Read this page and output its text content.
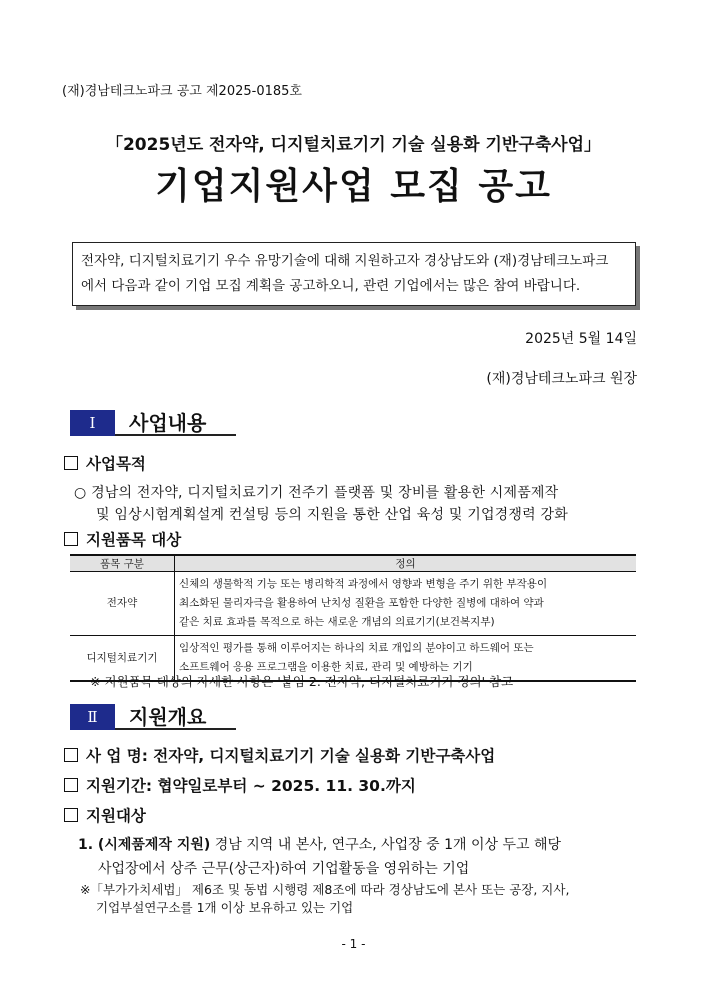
(재)경남테크노파크 공고 제2025-0185호
「2025년도 전자약, 디지털치료기기 기술 실용화 기반구축사업」
기업지원사업 모집 공고
전자약, 디지털치료기기 우수 유망기술에 대해 지원하고자 경상남도와 (재)경남테크노파크
에서 다음과 같이 기업 모집 계획을 공고하오니, 관련 기업에서는 많은 참여 바랍니다.
2025년 5월 14일
(재)경남테크노파크 원장
Ⅰ	사업내용
사업목적
○ 경남의 전자약, 디지털치료기기 전주기 플랫폼 및 장비를 활용한 시제품제작
및 임상시험계획설계 컨설팅 등의 지원을 통한 산업 육성 및 기업경쟁력 강화
지원품목 대상
품목 구분	정의
전자약	신체의 생물학적 기능 또는 병리학적 과정에서 영향과 변형을 주기 위한 부작용이
최소화된 물리자극을 활용하여 난치성 질환을 포함한 다양한 질병에 대하여 약과
같은 치료 효과를 목적으로 하는 새로운 개념의 의료기기(보건복지부)

디지털치료기기	임상적인 평가를 통해 이루어지는 하나의 치료 개입의 분야이고 하드웨어 또는
소프트웨어 응용 프로그램을 이용한 치료, 관리 및 예방하는 기기
※ 지원품목 대상의 자세한 사항은 '붙임 2. 전자약, 디지털치료기기 정의' 참고
Ⅱ	지원개요
사 업 명: 전자약, 디지털치료기기 기술 실용화 기반구축사업
지원기간: 협약일로부터 ~ 2025. 11. 30.까지
지원대상
1. (시제품제작 지원) 경남 지역 내 본사, 연구소, 사업장 중 1개 이상 두고 해당
사업장에서 상주 근무(상근자)하여 기업활동을 영위하는 기업
※「부가가치세법」 제6조 및 동법 시행령 제8조에 따라 경상남도에 본사 또는 공장, 지사,
기업부설연구소를 1개 이상 보유하고 있는 기업
- 1 -
